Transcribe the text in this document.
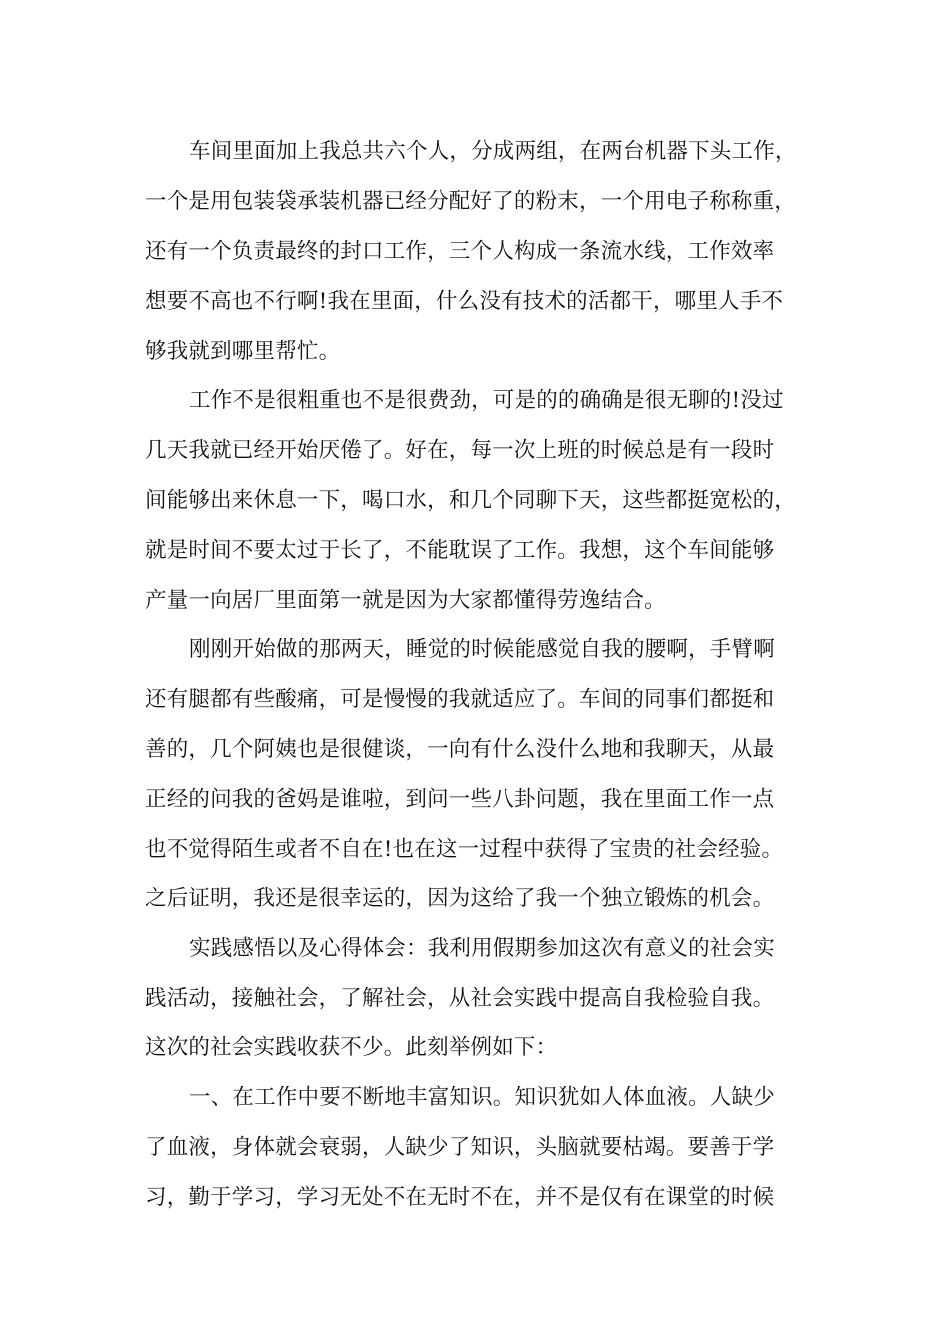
车间里面加上我总共六个人，分成两组，在两台机器下头工作，
一个是用包装袋承装机器已经分配好了的粉末，一个用电子称称重，
还有一个负责最终的封口工作，三个人构成一条流水线，工作效率
想要不高也不行啊!我在里面，什么没有技术的活都干，哪里人手不
够我就到哪里帮忙。
工作不是很粗重也不是很费劲，可是的的确确是很无聊的!没过
几天我就已经开始厌倦了。好在，每一次上班的时候总是有一段时
间能够出来休息一下，喝口水，和几个同聊下天，这些都挺宽松的，
就是时间不要太过于长了，不能耽误了工作。我想，这个车间能够
产量一向居厂里面第一就是因为大家都懂得劳逸结合。
刚刚开始做的那两天，睡觉的时候能感觉自我的腰啊，手臂啊
还有腿都有些酸痛，可是慢慢的我就适应了。车间的同事们都挺和
善的，几个阿姨也是很健谈，一向有什么没什么地和我聊天，从最
正经的问我的爸妈是谁啦，到问一些八卦问题，我在里面工作一点
也不觉得陌生或者不自在!也在这一过程中获得了宝贵的社会经验。
之后证明，我还是很幸运的，因为这给了我一个独立锻炼的机会。
实践感悟以及心得体会：我利用假期参加这次有意义的社会实
践活动，接触社会，了解社会，从社会实践中提高自我检验自我。
这次的社会实践收获不少。此刻举例如下：
一、在工作中要不断地丰富知识。知识犹如人体血液。人缺少
了血液，身体就会衰弱，人缺少了知识，头脑就要枯竭。要善于学
习，勤于学习，学习无处不在无时不在，并不是仅有在课堂的时候
